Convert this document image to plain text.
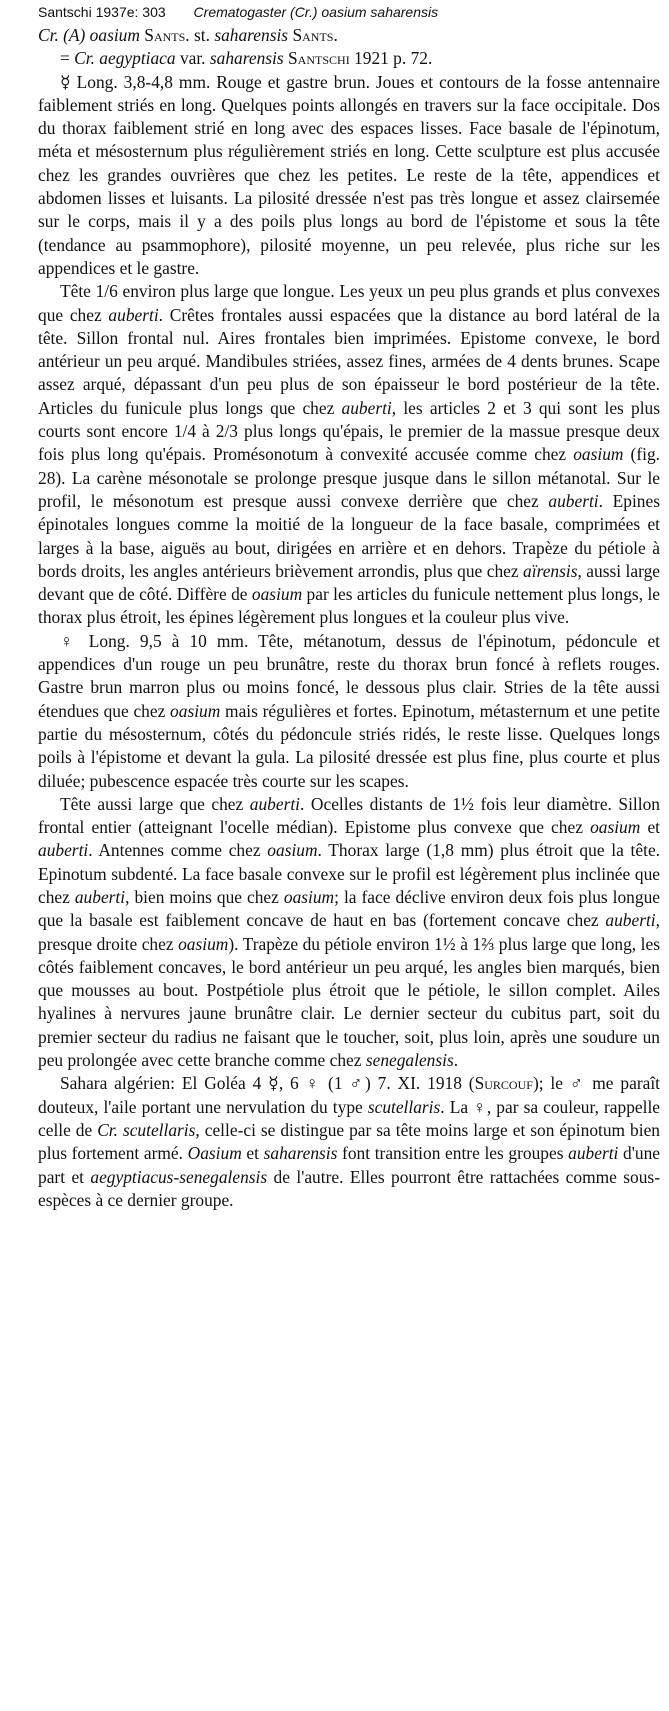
Santschi 1937e: 303 Crematogaster (Cr.) oasium saharensis

Cr. (A) oasium Sants. st. saharensis Sants.

= Cr. aegyptiaca var. saharensis Santschi 1921 p. 72.

☿ Long. 3,8-4,8 mm. Rouge et gastre brun. Joues et contours de la fosse antennaire faiblement striés en long. Quelques points allongés en travers sur la face occipitale. Dos du thorax faiblement strié en long avec des espaces lisses. Face basale de l'épinotum, méta et mésosternum plus régulièrement striés en long. Cette sculpture est plus accusée chez les grandes ouvrières que chez les petites. Le reste de la tête, appendices et abdomen lisses et luisants. La pilosité dressée n'est pas très longue et assez clairsemée sur le corps, mais il y a des poils plus longs au bord de l'épistome et sous la tête (tendance au psammophore), pilosité moyenne, un peu relevée, plus riche sur les appendices et le gastre.

Tête 1/6 environ plus large que longue. Les yeux un peu plus grands et plus convexes que chez auberti. Crêtes frontales aussi espacées que la distance au bord latéral de la tête. Sillon frontal nul. Aires frontales bien imprimées. Epistome convexe, le bord antérieur un peu arqué. Mandibules striées, assez fines, armées de 4 dents brunes. Scape assez arqué, dépassant d'un peu plus de son épaisseur le bord postérieur de la tête. Articles du funicule plus longs que chez auberti, les articles 2 et 3 qui sont les plus courts sont encore 1/4 à 2/3 plus longs qu'épais, le premier de la massue presque deux fois plus long qu'épais. Promésonotum à convexité accusée comme chez oasium (fig. 28). La carène mésonotale se prolonge presque jusque dans le sillon métanotal. Sur le profil, le mésonotum est presque aussi convexe derrière que chez auberti. Epines épinotales longues comme la moitié de la longueur de la face basale, comprimées et larges à la base, aiguës au bout, dirigées en arrière et en dehors. Trapèze du pétiole à bords droits, les angles antérieurs brièvement arrondis, plus que chez aïrensis, aussi large devant que de côté. Diffère de oasium par les articles du funicule nettement plus longs, le thorax plus étroit, les épines légèrement plus longues et la couleur plus vive.

♀ Long. 9,5 à 10 mm. Tête, métanotum, dessus de l'épinotum, pédoncule et appendices d'un rouge un peu brunâtre, reste du thorax brun foncé à reflets rouges. Gastre brun marron plus ou moins foncé, le dessous plus clair. Stries de la tête aussi étendues que chez oasium mais régulières et fortes. Epinotum, métasternum et une petite partie du mésosternum, côtés du pédoncule striés ridés, le reste lisse. Quelques longs poils à l'épistome et devant la gula. La pilosité dressée est plus fine, plus courte et plus diluée; pubescence espacée très courte sur les scapes.

Tête aussi large que chez auberti. Ocelles distants de 1½ fois leur diamètre. Sillon frontal entier (atteignant l'ocelle médian). Epistome plus convexe que chez oasium et auberti. Antennes comme chez oasium. Thorax large (1,8 mm) plus étroit que la tête. Epinotum subdenté. La face basale convexe sur le profil est légèrement plus inclinée que chez auberti, bien moins que chez oasium; la face déclive environ deux fois plus longue que la basale est faiblement concave de haut en bas (fortement concave chez auberti, presque droite chez oasium). Trapèze du pétiole environ 1½ à 1⅔ plus large que long, les côtés faiblement concaves, le bord antérieur un peu arqué, les angles bien marqués, bien que mousses au bout. Postpétiole plus étroit que le pétiole, le sillon complet. Ailes hyalines à nervures jaune brunâtre clair. Le dernier secteur du cubitus part, soit du premier secteur du radius ne faisant que le toucher, soit, plus loin, après une soudure un peu prolongée avec cette branche comme chez senegalensis.

Sahara algérien: El Goléa 4 ☿, 6 ♀ (1 ♂) 7. XI. 1918 (Surcouf); le ♂ me paraît douteux, l'aile portant une nervulation du type scutellaris. La ♀, par sa couleur, rappelle celle de Cr. scutellaris, celle-ci se distingue par sa tête moins large et son épinotum bien plus fortement armé. Oasium et saharensis font transition entre les groupes auberti d'une part et aegyptiacus-senegalensis de l'autre. Elles pourront être rattachées comme sous-espèces à ce dernier groupe.
